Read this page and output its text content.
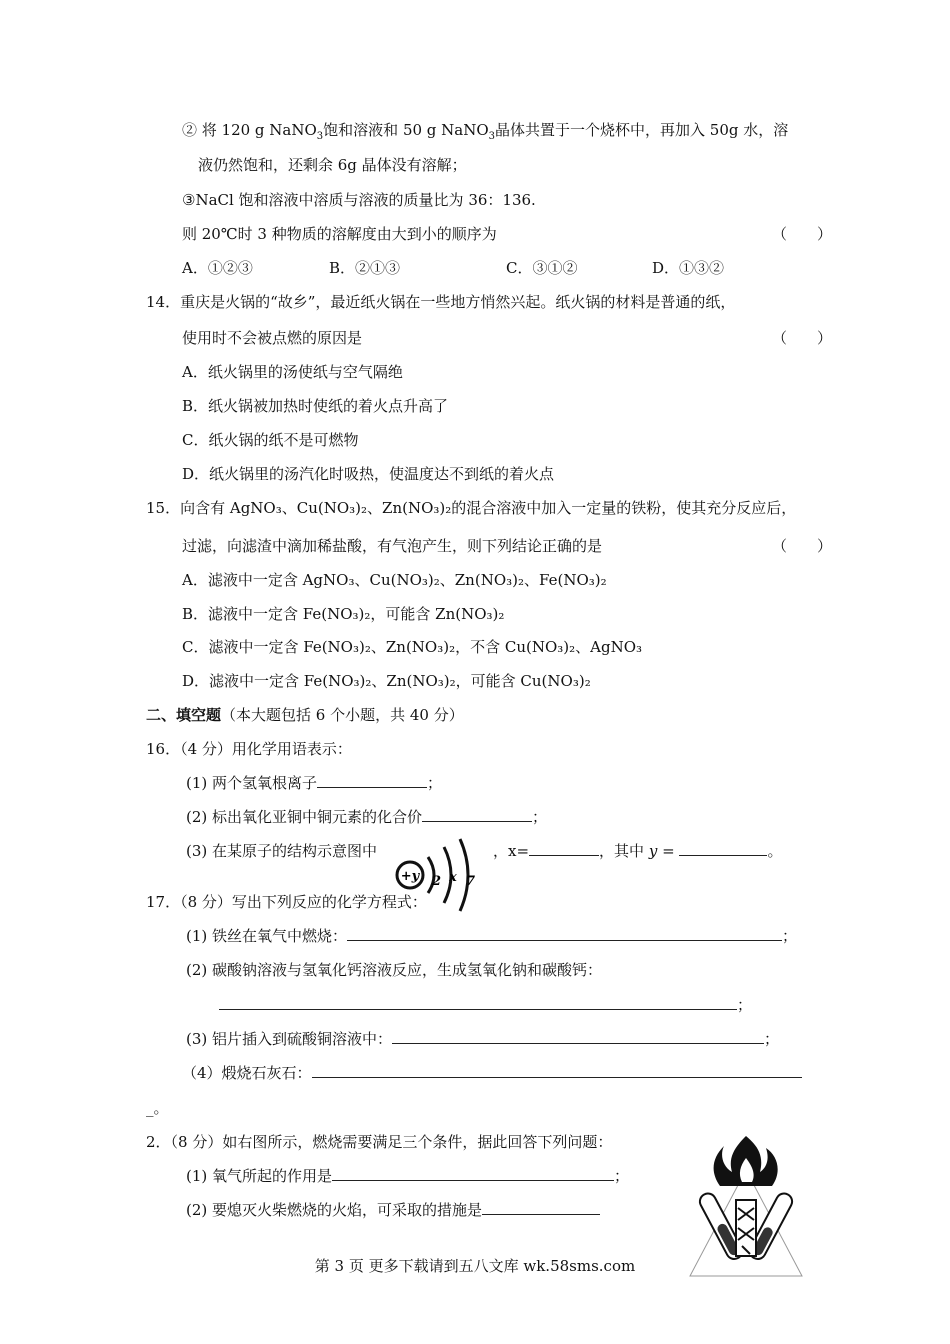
② 将 120 g NaNO$_3$饱和溶液和 50 g NaNO$_3$晶体共置于一个烧杯中，再加入 50g 水，溶
液仍然饱和，还剩余 6g 晶体没有溶解；
③NaCl 饱和溶液中溶质与溶液的质量比为 36：136.
则 20℃时 3 种物质的溶解度由大到小的顺序为	（　　）
A．①②③	B．②①③	C．③①②	D．①③②
14．重庆是火锅的“故乡”，最近纸火锅在一些地方悄然兴起。纸火锅的材料是普通的纸，
使用时不会被点燃的原因是	（　　）
A．纸火锅里的汤使纸与空气隔绝
B．纸火锅被加热时使纸的着火点升高了
C．纸火锅的纸不是可燃物
D．纸火锅里的汤汽化时吸热，使温度达不到纸的着火点
15．向含有 AgNO₃、Cu(NO₃)₂、Zn(NO₃)₂的混合溶液中加入一定量的铁粉，使其充分反应后，
过滤，向滤渣中滴加稀盐酸，有气泡产生，则下列结论正确的是	（　　）
A．滤液中一定含 AgNO₃、Cu(NO₃)₂、Zn(NO₃)₂、Fe(NO₃)₂
B．滤液中一定含 Fe(NO₃)₂，可能含 Zn(NO₃)₂
C．滤液中一定含 Fe(NO₃)₂、Zn(NO₃)₂，不含 Cu(NO₃)₂、AgNO₃
D．滤液中一定含 Fe(NO₃)₂、Zn(NO₃)₂，可能含 Cu(NO₃)₂
二、填空题（本大题包括 6 个小题，共 40 分）
16．（4 分）用化学用语表示：
(1) 两个氢氧根离子	；
(2) 标出氧化亚铜中铜元素的化合价	；
(3) 在某原子的结构示意图中	，x=	，其中 y =	。
+y 2 x 7
17．（8 分）写出下列反应的化学方程式：
(1) 铁丝在氧气中燃烧：	；
(2) 碳酸钠溶液与氢氧化钙溶液反应，生成氢氧化钠和碳酸钙：
；
(3) 铝片插入到硫酸铜溶液中：	；
（4）煅烧石灰石：
_。
2．（8 分）如右图所示，燃烧需要满足三个条件，据此回答下列问题：
(1) 氧气所起的作用是	；
(2) 要熄灭火柴燃烧的火焰，可采取的措施是
第 3 页 更多下载请到五八文库 wk.58sms.com
